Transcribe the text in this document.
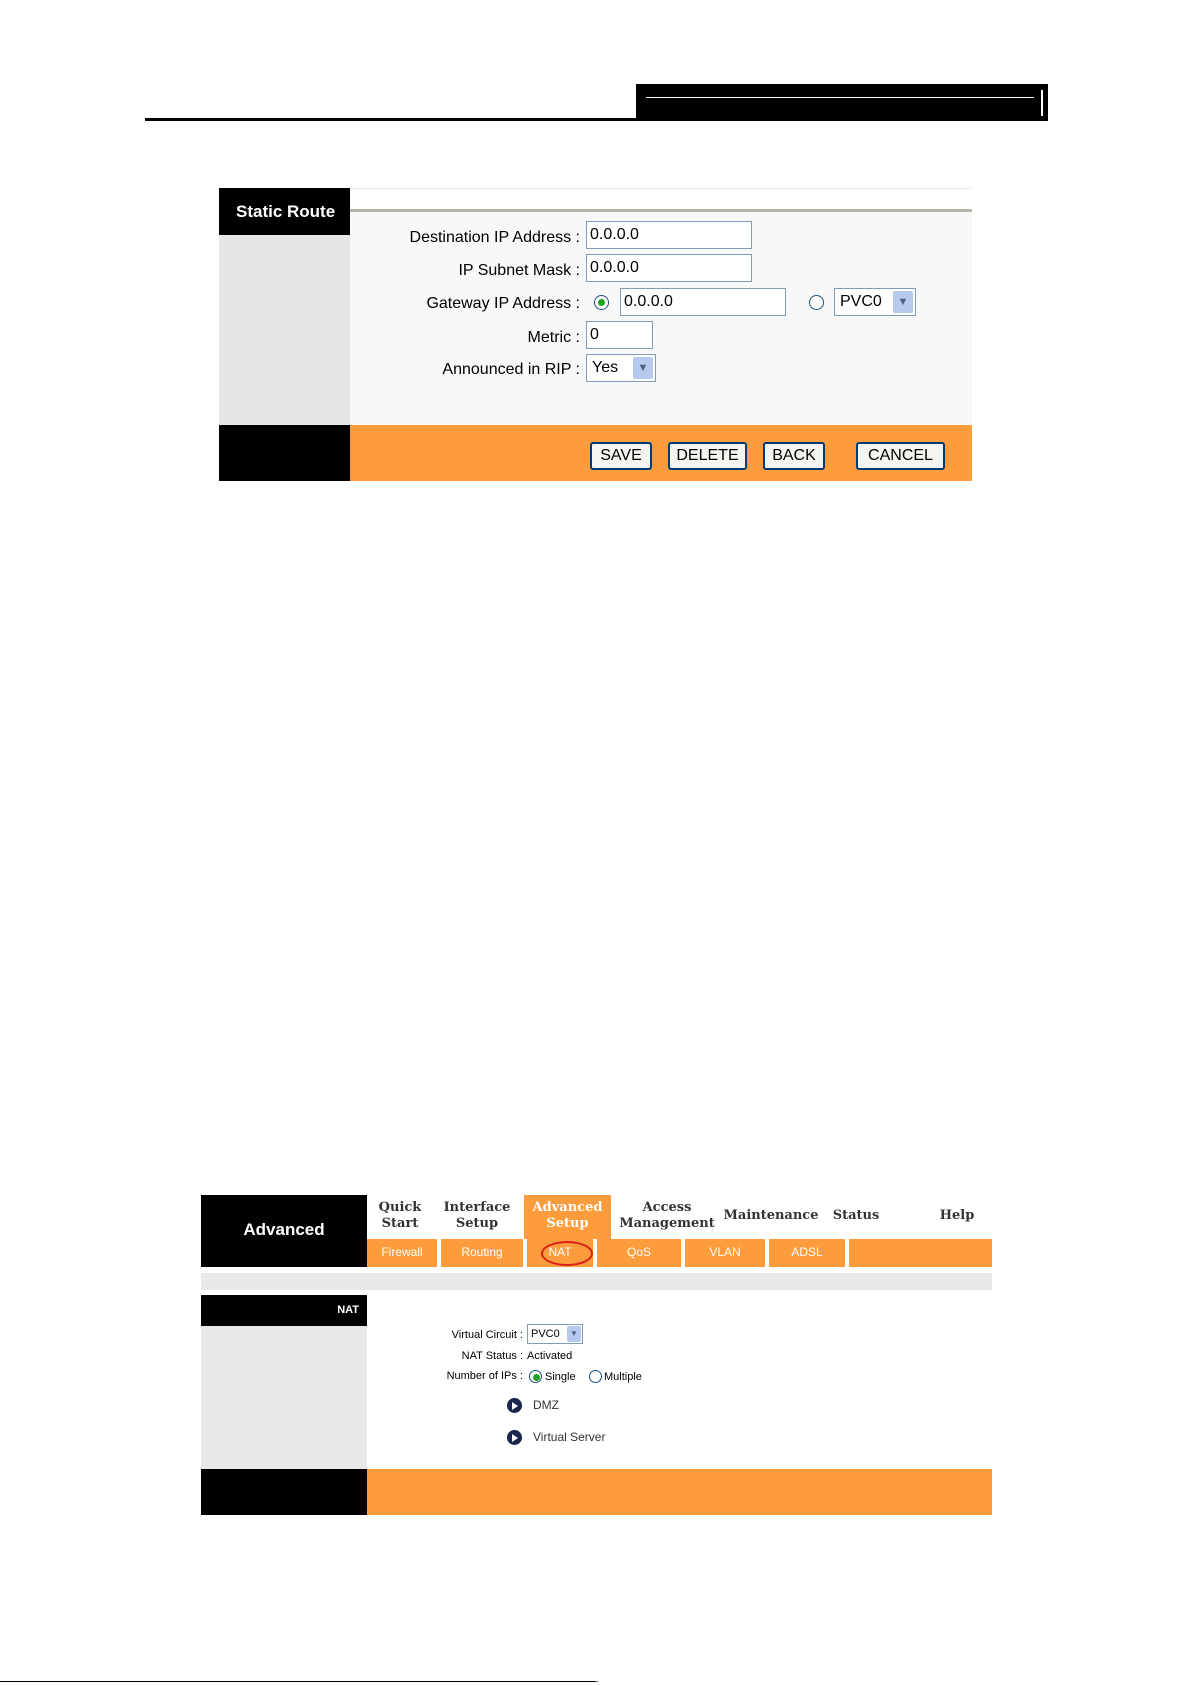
Static Route
Destination IP Address :
0.0.0.0
IP Subnet Mask :
0.0.0.0
Gateway IP Address :
0.0.0.0	PVC0	▼
Metric :
0
Announced in RIP : Yes	▼
SAVE	DELETE	BACK	CANCEL
Advanced
Quick
Start
Interface
Setup
Advanced
Setup
Access
Management
Maintenance	Status	Help
Firewall	Routing	NAT	QoS	VLAN	ADSL
NAT
Virtual Circuit : PVC0	▼
NAT Status : Activated
Number of IPs : Single	Multiple
DMZ
Virtual Server
-
